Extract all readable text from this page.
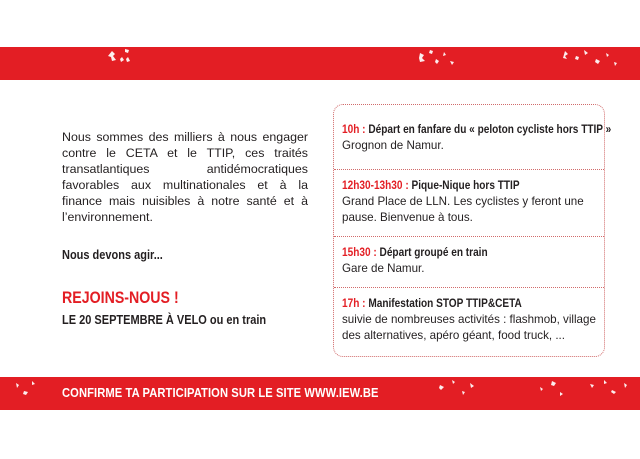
Nous sommes des milliers à nous engager contre le CETA et le TTIP, ces traités transatlantiques antidémocratiques favorables aux multinationales et à la finance mais nuisibles à notre santé et à l’environnement.

Nous devons agir...
REJOINS-NOUS !
LE 20 SEPTEMBRE À VELO ou en train
10h : Départ en fanfare du « peloton cycliste hors TTIP »
Grognon de Namur.
12h30-13h30 : Pique-Nique hors TTIP
Grand Place de LLN. Les cyclistes y feront une pause. Bienvenue à tous.
15h30 : Départ groupé en train
Gare de Namur.
17h : Manifestation STOP TTIP&CETA
suivie de nombreuses activités : flashmob, village des alternatives, apéro géant, food truck, ...
CONFIRME TA PARTICIPATION SUR LE SITE WWW.IEW.BE
